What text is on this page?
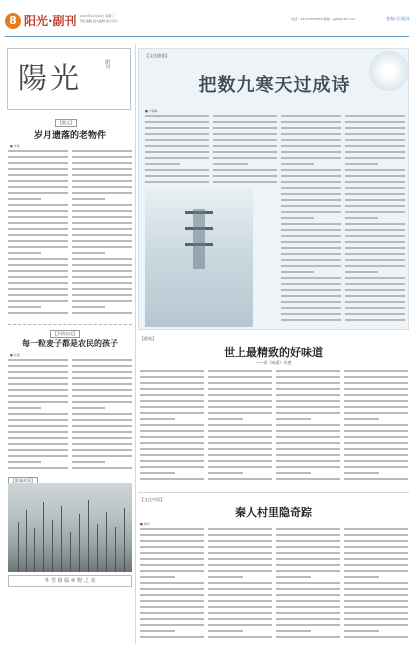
8 阳光·副刊 2023年12月20日 星期三
责任编辑 美术编辑 版式设计	电话：0313-5555555 邮箱：ygfk@163.com	张家口日报社
陽光	副刊
【散文】
岁月遗落的老物件
■ 李梅
【乡情杂谈】
每一粒麦子都是农民的孩子
■ 张强
【影像故事】
冬 雪 降 临 乡 野 之 美
【文化随笔】
把数九寒天过成诗
■ 卢海林
【随笔】
世上最精致的好味道
——读《味道》有感
【文化中国】
秦人村里隐奇踪
■ 周华
